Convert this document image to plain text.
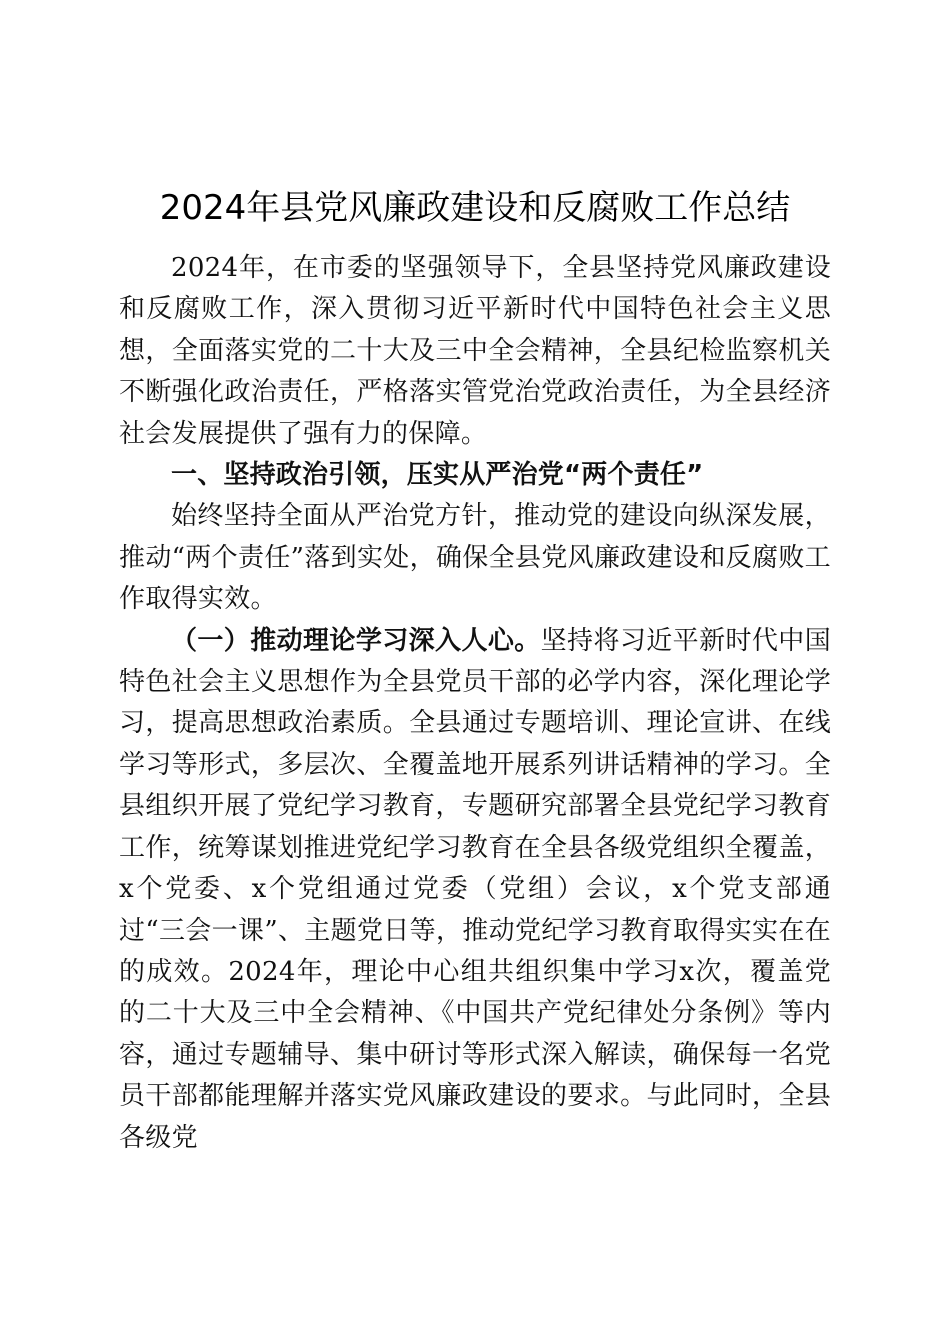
2024年县党风廉政建设和反腐败工作总结

2024年，在市委的坚强领导下，全县坚持党风廉政建设和反腐败工作，深入贯彻习近平新时代中国特色社会主义思想，全面落实党的二十大及三中全会精神，全县纪检监察机关不断强化政治责任，严格落实管党治党政治责任，为全县经济社会发展提供了强有力的保障。

一、坚持政治引领，压实从严治党“两个责任”

始终坚持全面从严治党方针，推动党的建设向纵深发展，推动“两个责任”落到实处，确保全县党风廉政建设和反腐败工作取得实效。

（一）推动理论学习深入人心。坚持将习近平新时代中国特色社会主义思想作为全县党员干部的必学内容，深化理论学习，提高思想政治素质。全县通过专题培训、理论宣讲、在线学习等形式，多层次、全覆盖地开展系列讲话精神的学习。全县组织开展了党纪学习教育，专题研究部署全县党纪学习教育工作，统筹谋划推进党纪学习教育在全县各级党组织全覆盖，x个党委、x个党组通过党委（党组）会议，x个党支部通过“三会一课”、主题党日等，推动党纪学习教育取得实实在在的成效。2024年，理论中心组共组织集中学习x次，覆盖党的二十大及三中全会精神、《中国共产党纪律处分条例》等内容，通过专题辅导、集中研讨等形式深入解读，确保每一名党员干部都能理解并落实党风廉政建设的要求。与此同时，全县各级党
